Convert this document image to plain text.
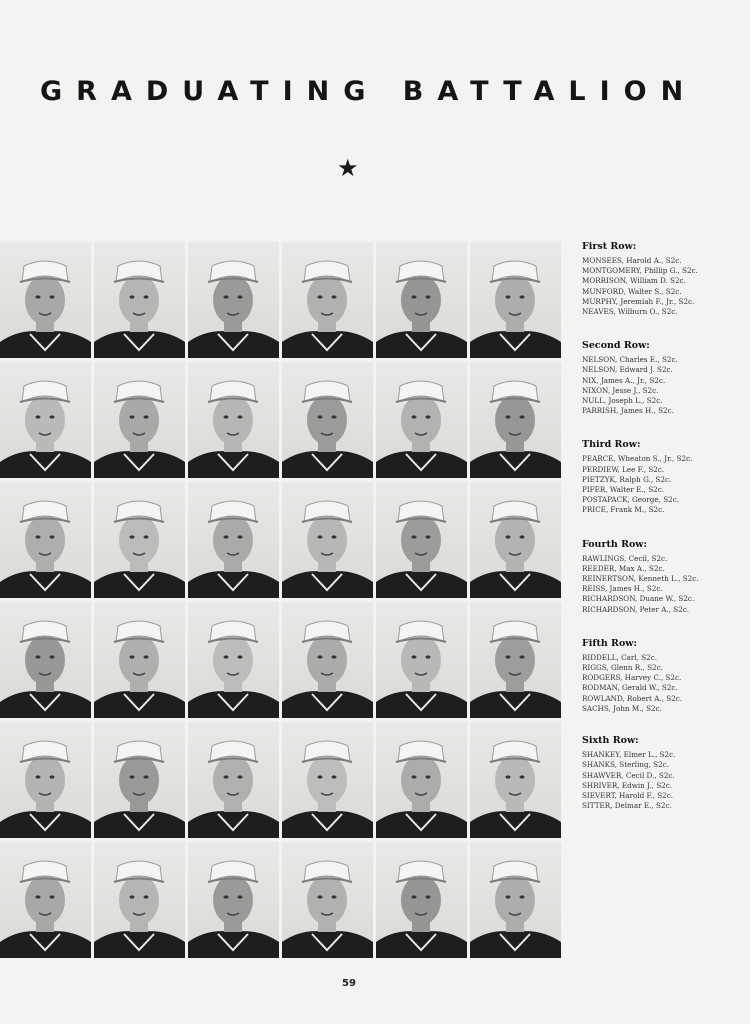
GRADUATING BATTALION
★
First Row:
MONSEES, Harold A., S2c.
MONTGOMERY, Phillip G., S2c.
MORRISON, William D. S2c.
MUNFORD, Walter S., S2c.
MURPHY, Jeremiah F., Jr., S2c.
NEAVES, Wilburn O., S2c.
Second Row:
NELSON, Charles E., S2c.
NELSON, Edward J. S2c.
NIX, James A., Jr., S2c.
NIXON, Jesse J., S2c.
NULL, Joseph L., S2c.
PARRISH, James H., S2c.
Third Row:
PEARCE, Wheaton S., Jr., S2c.
PERDIEW, Lee F., S2c.
PIETZYK, Ralph G., S2c.
PIFER, Walter E., S2c.
POSTAPACK, George, S2c.
PRICE, Frank M., S2c.
Fourth Row:
RAWLINGS, Cecil, S2c.
REEDER, Max A., S2c.
REINERTSON, Kenneth L., S2c.
REISS, James H., S2c.
RICHARDSON, Duane W., S2c.
RICHARDSON, Peter A., S2c.
Fifth Row:
RIDDELL, Carl, S2c.
RIGGS, Glenn R., S2c.
RODGERS, Harvey C., S2c.
RODMAN, Gerald W., S2c.
ROWLAND, Robert A., S2c.
SACHS, John M., S2c.
Sixth Row:
SHANKEY, Elmer L., S2c.
SHANKS, Sterling, S2c.
SHAWVER, Cecil D., S2c.
SHRIVER, Edwin J., S2c.
SIEVERT, Harold F., S2c.
SITTER, Delmar E., S2c.
59
